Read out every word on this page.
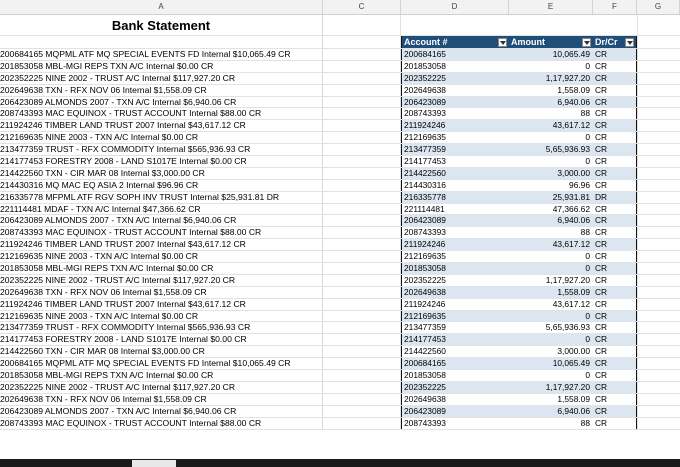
A	C	D	E	F	G
Bank Statement
Account #	Amount	Dr/Cr
200684165 MQPML ATF MQ SPECIAL EVENTS FD Internal $10,065.49 CR	200684165	10,065.49 CR
201853058 MBL-MGI REPS TXN A/C Internal $0.00 CR	201853058	0 CR
202352225 NINE 2002 - TRUST A/C Internal $117,927.20 CR	202352225	1,17,927.20 CR
202649638 TXN - RFX NOV 06 Internal $1,558.09 CR	202649638	1,558.09 CR
206423089 ALMONDS 2007 - TXN A/C Internal $6,940.06 CR	206423089	6,940.06 CR
208743393 MAC EQUINOX - TRUST ACCOUNT Internal $88.00 CR	208743393	88 CR
211924246 TIMBER LAND TRUST 2007 Internal $43,617.12 CR	211924246	43,617.12 CR
212169635 NINE 2003 - TXN A/C Internal $0.00 CR	212169635	0 CR
213477359 TRUST - RFX COMMODITY Internal $565,936.93 CR	213477359	5,65,936.93 CR
214177453 FORESTRY 2008 - LAND S1017E Internal $0.00 CR	214177453	0 CR
214422560 TXN - CIR MAR 08 Internal $3,000.00 CR	214422560	3,000.00 CR
214430316 MQ MAC EQ ASIA 2 Internal $96.96 CR	214430316	96.96 CR
216335778 MFPML ATF RGV SOPH INV TRUST Internal $25,931.81 DR	216335778	25,931.81 DR
221114481 MDAF - TXN A/C Internal $47,366.62 CR	221114481	47,366.62 CR
206423089 ALMONDS 2007 - TXN A/C Internal $6,940.06 CR	206423089	6,940.06 CR
208743393 MAC EQUINOX - TRUST ACCOUNT Internal $88.00 CR	208743393	88 CR
211924246 TIMBER LAND TRUST 2007 Internal $43,617.12 CR	211924246	43,617.12 CR
212169635 NINE 2003 - TXN A/C Internal $0.00 CR	212169635	0 CR
201853058 MBL-MGI REPS TXN A/C Internal $0.00 CR	201853058	0 CR
202352225 NINE 2002 - TRUST A/C Internal $117,927.20 CR	202352225	1,17,927.20 CR
202649638 TXN - RFX NOV 06 Internal $1,558.09 CR	202649638	1,558.09 CR
211924246 TIMBER LAND TRUST 2007 Internal $43,617.12 CR	211924246	43,617.12 CR
212169635 NINE 2003 - TXN A/C Internal $0.00 CR	212169635	0 CR
213477359 TRUST - RFX COMMODITY Internal $565,936.93 CR	213477359	5,65,936.93 CR
214177453 FORESTRY 2008 - LAND S1017E Internal $0.00 CR	214177453	0 CR
214422560 TXN - CIR MAR 08 Internal $3,000.00 CR	214422560	3,000.00 CR
200684165 MQPML ATF MQ SPECIAL EVENTS FD Internal $10,065.49 CR	200684165	10,065.49 CR
201853058 MBL-MGI REPS TXN A/C Internal $0.00 CR	201853058	0 CR
202352225 NINE 2002 - TRUST A/C Internal $117,927.20 CR	202352225	1,17,927.20 CR
202649638 TXN - RFX NOV 06 Internal $1,558.09 CR	202649638	1,558.09 CR
206423089 ALMONDS 2007 - TXN A/C Internal $6,940.06 CR	206423089	6,940.06 CR
208743393 MAC EQUINOX - TRUST ACCOUNT Internal $88.00 CR	208743393	88 CR
